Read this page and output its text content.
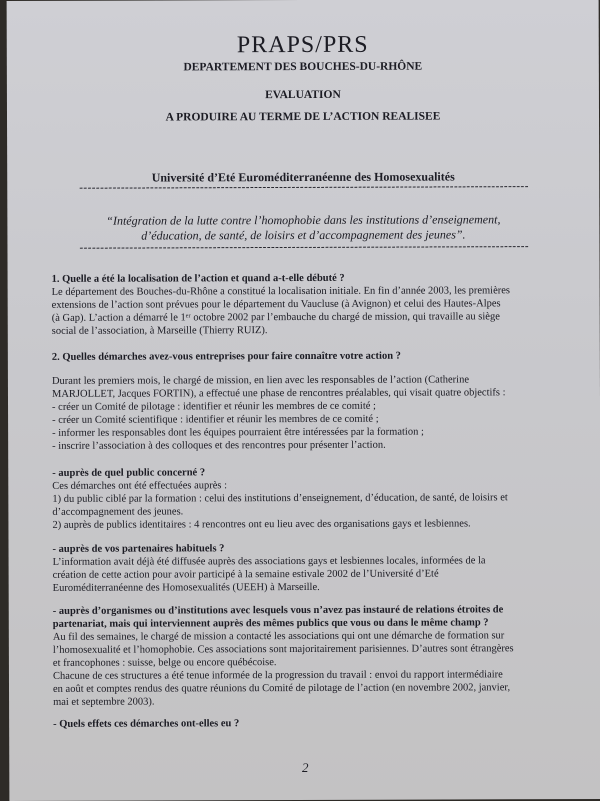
PRAPS/PRS
DEPARTEMENT DES BOUCHES-DU-RHÔNE
EVALUATION
A PRODUIRE AU TERME DE L’ACTION REALISEE
Université d’Eté Euroméditerranéenne des Homosexualités
------------------------------------------------------------------------------------------------------------
“Intégration de la lutte contre l’homophobie dans les institutions d’enseignement,
d’éducation, de santé, de loisirs et d’accompagnement des jeunes”.
------------------------------------------------------------------------------------------------------------
1. Quelle a été la localisation de l’action et quand a-t-elle débuté ?
Le département des Bouches-du-Rhône a constitué la localisation initiale. En fin d’année 2003, les premières
extensions de l’action sont prévues pour le département du Vaucluse (à Avignon) et celui des Hautes-Alpes
(à Gap). L’action a démarré le 1ᵉʳ octobre 2002 par l’embauche du chargé de mission, qui travaille au siège
social de l’association, à Marseille (Thierry RUIZ).
2. Quelles démarches avez-vous entreprises pour faire connaître votre action ?
Durant les premiers mois, le chargé de mission, en lien avec les responsables de l’action (Catherine
MARJOLLET, Jacques FORTIN), a effectué une phase de rencontres préalables, qui visait quatre objectifs :
- créer un Comité de pilotage : identifier et réunir les membres de ce comité ;
- créer un Comité scientifique : identifier et réunir les membres de ce comité ;
- informer les responsables dont les équipes pourraient être intéressées par la formation ;
- inscrire l’association à des colloques et des rencontres pour présenter l’action.
- auprès de quel public concerné ?
Ces démarches ont été effectuées auprès :
1) du public ciblé par la formation : celui des institutions d’enseignement, d’éducation, de santé, de loisirs et
d’accompagnement des jeunes.
2) auprès de publics identitaires : 4 rencontres ont eu lieu avec des organisations gays et lesbiennes.
- auprès de vos partenaires habituels ?
L’information avait déjà été diffusée auprès des associations gays et lesbiennes locales, informées de la
création de cette action pour avoir participé à la semaine estivale 2002 de l’Université d’Eté
Euroméditerranéenne des Homosexualités (UEEH) à Marseille.
- auprès d’organismes ou d’institutions avec lesquels vous n’avez pas instauré de relations étroites de
partenariat, mais qui interviennent auprès des mêmes publics que vous ou dans le même champ ?
Au fil des semaines, le chargé de mission a contacté les associations qui ont une démarche de formation sur
l’homosexualité et l’homophobie. Ces associations sont majoritairement parisiennes. D’autres sont étrangères
et francophones : suisse, belge ou encore québécoise.
Chacune de ces structures a été tenue informée de la progression du travail : envoi du rapport intermédiaire
en août et comptes rendus des quatre réunions du Comité de pilotage de l’action (en novembre 2002, janvier,
mai et septembre 2003).
- Quels effets ces démarches ont-elles eu ?
2
